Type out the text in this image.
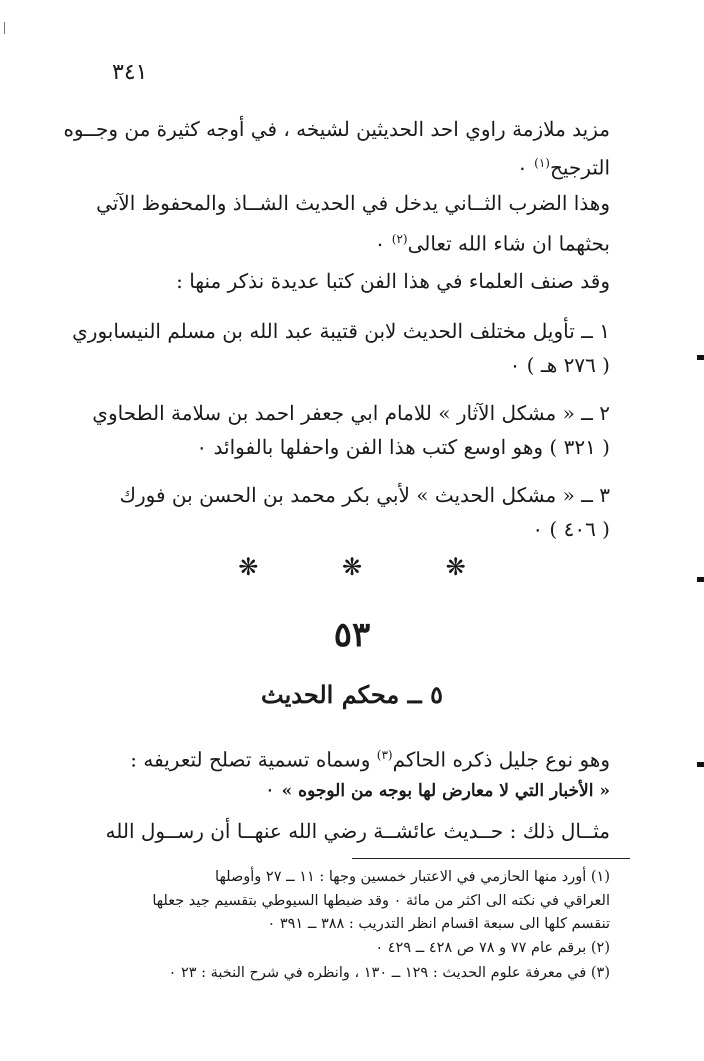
٣٤١
مزيد ملازمة راوي احد الحديثين لشيخه ، في أوجه كثيرة من وجــوه
الترجيح$^{(١)}$ ٠
وهذا الضرب الثــاني يدخل في الحديث الشــاذ والمحفوظ الآتي
بحثهما ان شاء الله تعالى$^{(٢)}$ ٠
وقد صنف العلماء في هذا الفن كتبا عديدة نذكر منها :
١ ــ تأويل مختلف الحديث لابن قتيبة عبد الله بن مسلم النيسابوري
( ٢٧٦ هـ ) ٠
٢ ــ « مشكل الآثار » للامام ابي جعفر احمد بن سلامة الطحاوي
( ٣٢١ ) وهو اوسع كتب هذا الفن واحفلها بالفوائد ٠
٣ ــ « مشكل الحديث » لأبي بكر محمد بن الحسن بن فورك
( ٤٠٦ ) ٠
❋ ❋ ❋
٥٣
٥ ــ محكم الحديث
وهو نوع جليل ذكره الحاكم$^{(٣)}$ وسماه تسمية تصلح لتعريفه :
« الأخبار التي لا معارض لها بوجه من الوجوه » ٠
مثــال ذلك : حــديث عائشــة رضي الله عنهــا أن رســول الله
(١) أورد منها الحازمي في الاعتبار خمسين وجها : ١١ ــ ٢٧ وأوصلها
العراقي في نكته الى اكثر من مائة ٠ وقد ضبطها السيوطي بتقسيم جيد جعلها
تنقسم كلها الى سبعة اقسام انظر التدريب : ٣٨٨ ــ ٣٩١ ٠
(٢) برقم عام ٧٧ و ٧٨ ص ٤٢٨ ــ ٤٢٩ ٠
(٣) في معرفة علوم الحديث : ١٢٩ ــ ١٣٠ ، وانظره في شرح النخبة : ٢٣ ٠
